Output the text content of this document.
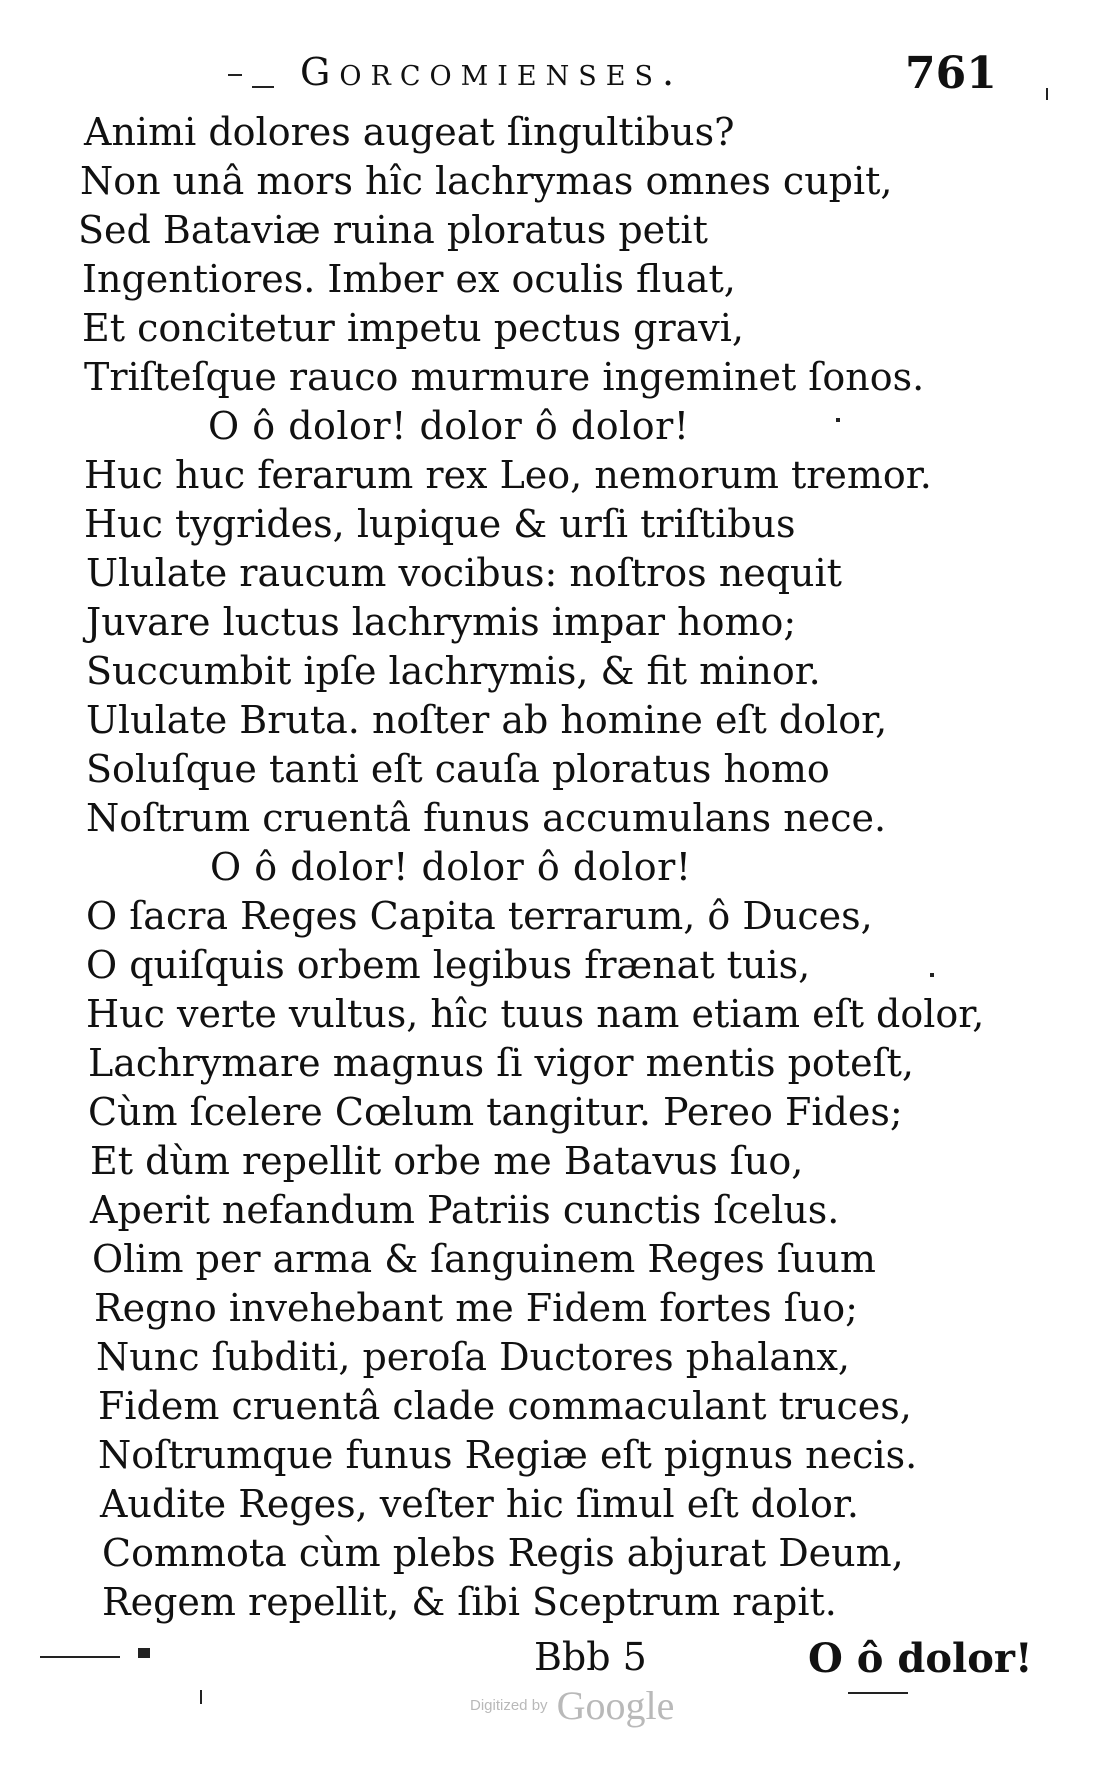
Gorcomienses.	761
Animi dolores augeat ſingultibus?
Non unâ mors hîc lachrymas omnes cupit,
Sed Bataviæ ruina ploratus petit
Ingentiores. Imber ex oculis fluat,
Et concitetur impetu pectus gravi,
Triſteſque rauco murmure ingeminet ſonos.
O ô dolor! dolor ô dolor!
Huc huc ferarum rex Leo, nemorum tremor.
Huc tygrides, lupique & urſi triſtibus
Ululate raucum vocibus: noſtros nequit
Juvare luctus lachrymis impar homo;
Succumbit ipſe lachrymis, & fit minor.
Ululate Bruta. noſter ab homine eſt dolor,
Soluſque tanti eſt cauſa ploratus homo
Noſtrum cruentâ funus accumulans nece.
O ô dolor! dolor ô dolor!
O ſacra Reges Capita terrarum, ô Duces,
O quiſquis orbem legibus frænat tuis,
Huc verte vultus, hîc tuus nam etiam eſt dolor,
Lachrymare magnus ſi vigor mentis poteſt,
Cùm ſcelere Cœlum tangitur. Pereo Fides;
Et dùm repellit orbe me Batavus ſuo,
Aperit nefandum Patriis cunctis ſcelus.
Olim per arma & ſanguinem Reges ſuum
Regno invehebant me Fidem fortes ſuo;
Nunc ſubditi, peroſa Ductores phalanx,
Fidem cruentâ clade commaculant truces,
Noſtrumque funus Regiæ eſt pignus necis.
Audite Reges, veſter hic ſimul eſt dolor.
Commota cùm plebs Regis abjurat Deum,
Regem repellit, & ſibi Sceptrum rapit.
Bbb 5	O ô dolor!
Digitized by Google
